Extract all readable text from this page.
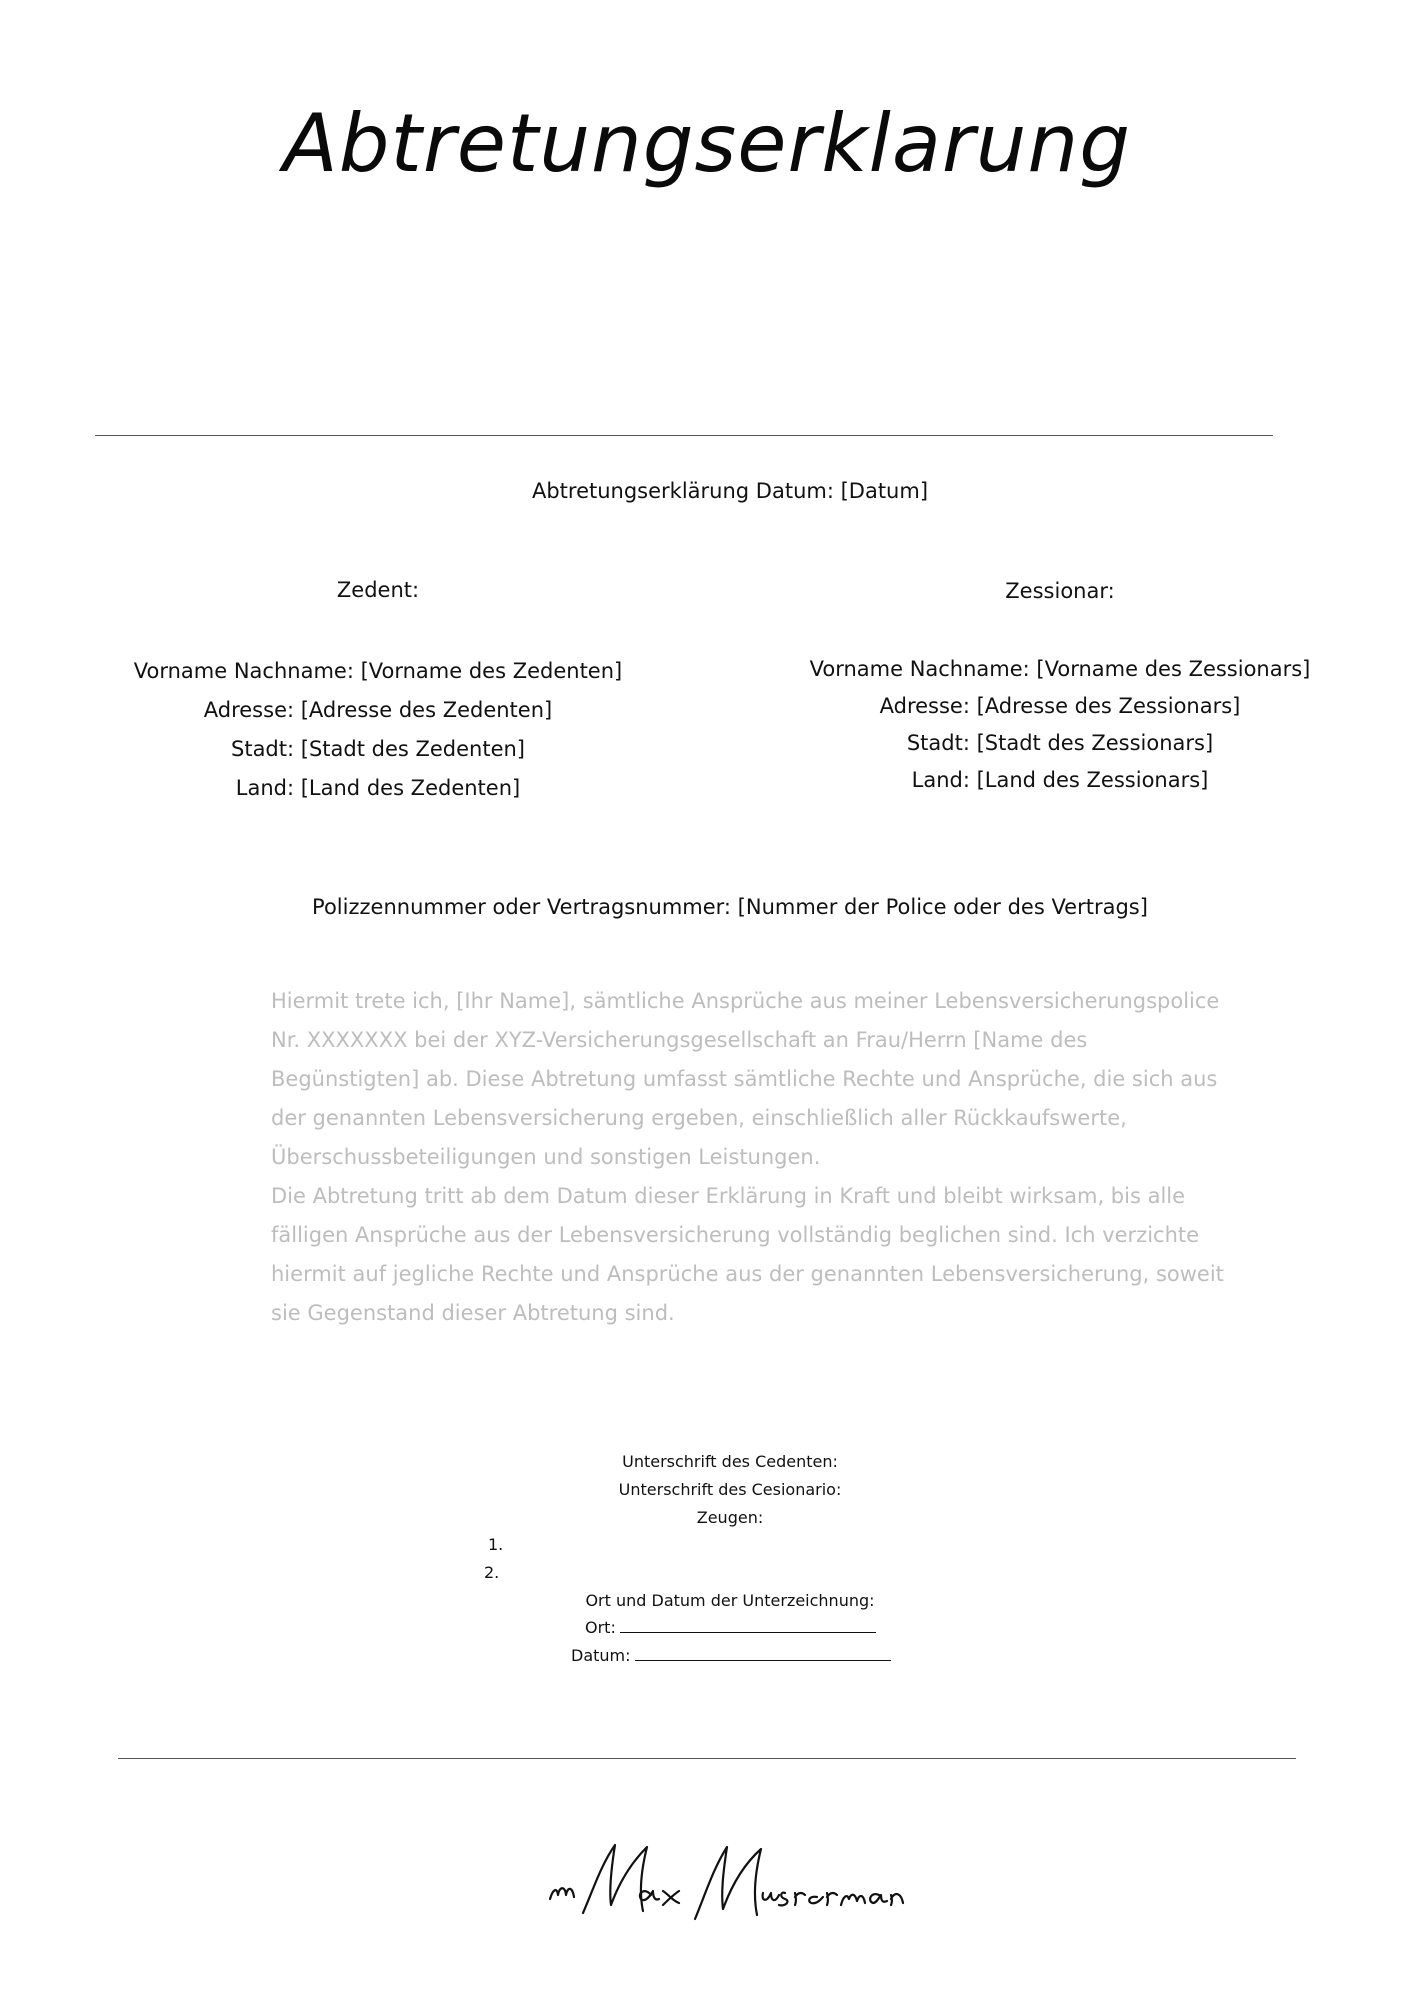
Abtretungserklarung
Abtretungserklärung Datum: [Datum]
Zedent:
Vorname Nachname: [Vorname des Zedenten]
Adresse: [Adresse des Zedenten]
Stadt: [Stadt des Zedenten]
Land: [Land des Zedenten]
Zessionar:
Vorname Nachname: [Vorname des Zessionars]
Adresse: [Adresse des Zessionars]
Stadt: [Stadt des Zessionars]
Land: [Land des Zessionars]
Polizzennummer oder Vertragsnummer: [Nummer der Police oder des Vertrags]

Hiermit trete ich, [Ihr Name], sämtliche Ansprüche aus meiner Lebensversicherungspolice Nr. XXXXXXX bei der XYZ-Versicherungsgesellschaft an Frau/Herrn [Name des Begünstigten] ab. Diese Abtretung umfasst sämtliche Rechte und Ansprüche, die sich aus der genannten Lebensversicherung ergeben, einschließlich aller Rückkaufswerte, Überschussbeteiligungen und sonstigen Leistungen.

Die Abtretung tritt ab dem Datum dieser Erklärung in Kraft und bleibt wirksam, bis alle fälligen Ansprüche aus der Lebensversicherung vollständig beglichen sind. Ich verzichte hiermit auf jegliche Rechte und Ansprüche aus der genannten Lebensversicherung, soweit sie Gegenstand dieser Abtretung sind.

Unterschrift des Cedenten:
Unterschrift des Cesionario:
Zeugen:
1.
2.
Ort und Datum der Unterzeichnung:
Ort:
Datum:
